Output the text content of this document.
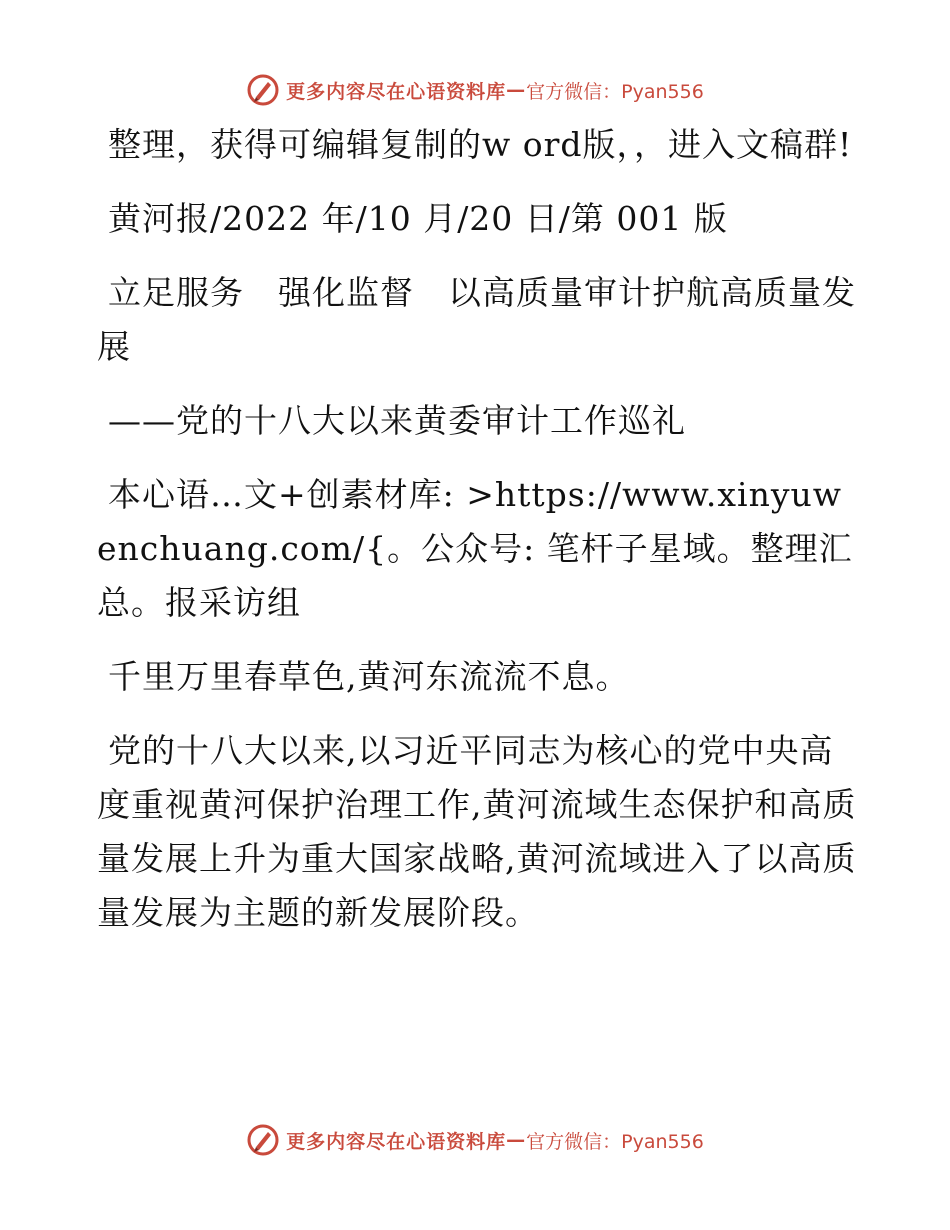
更多内容尽在心语资料库 — 官方微信：Pyan556

整理，获得可编辑复制的w ord版，，进入文稿群!

黄河报/2022 年/10 月/20 日/第 001 版

立足服务　强化监督　以高质量审计护航高质量发展

——党的十八大以来黄委审计工作巡礼

本心语…文+创素材库: >https://www.xinyuwenchuang.com/{。公众号: 笔杆子星域。整理汇总。报采访组

千里万里春草色,黄河东流流不息。

党的十八大以来,以习近平同志为核心的党中央高度重视黄河保护治理工作,黄河流域生态保护和高质量发展上升为重大国家战略,黄河流域进入了以高质量发展为主题的新发展阶段。

更多内容尽在心语资料库 — 官方微信：Pyan556
